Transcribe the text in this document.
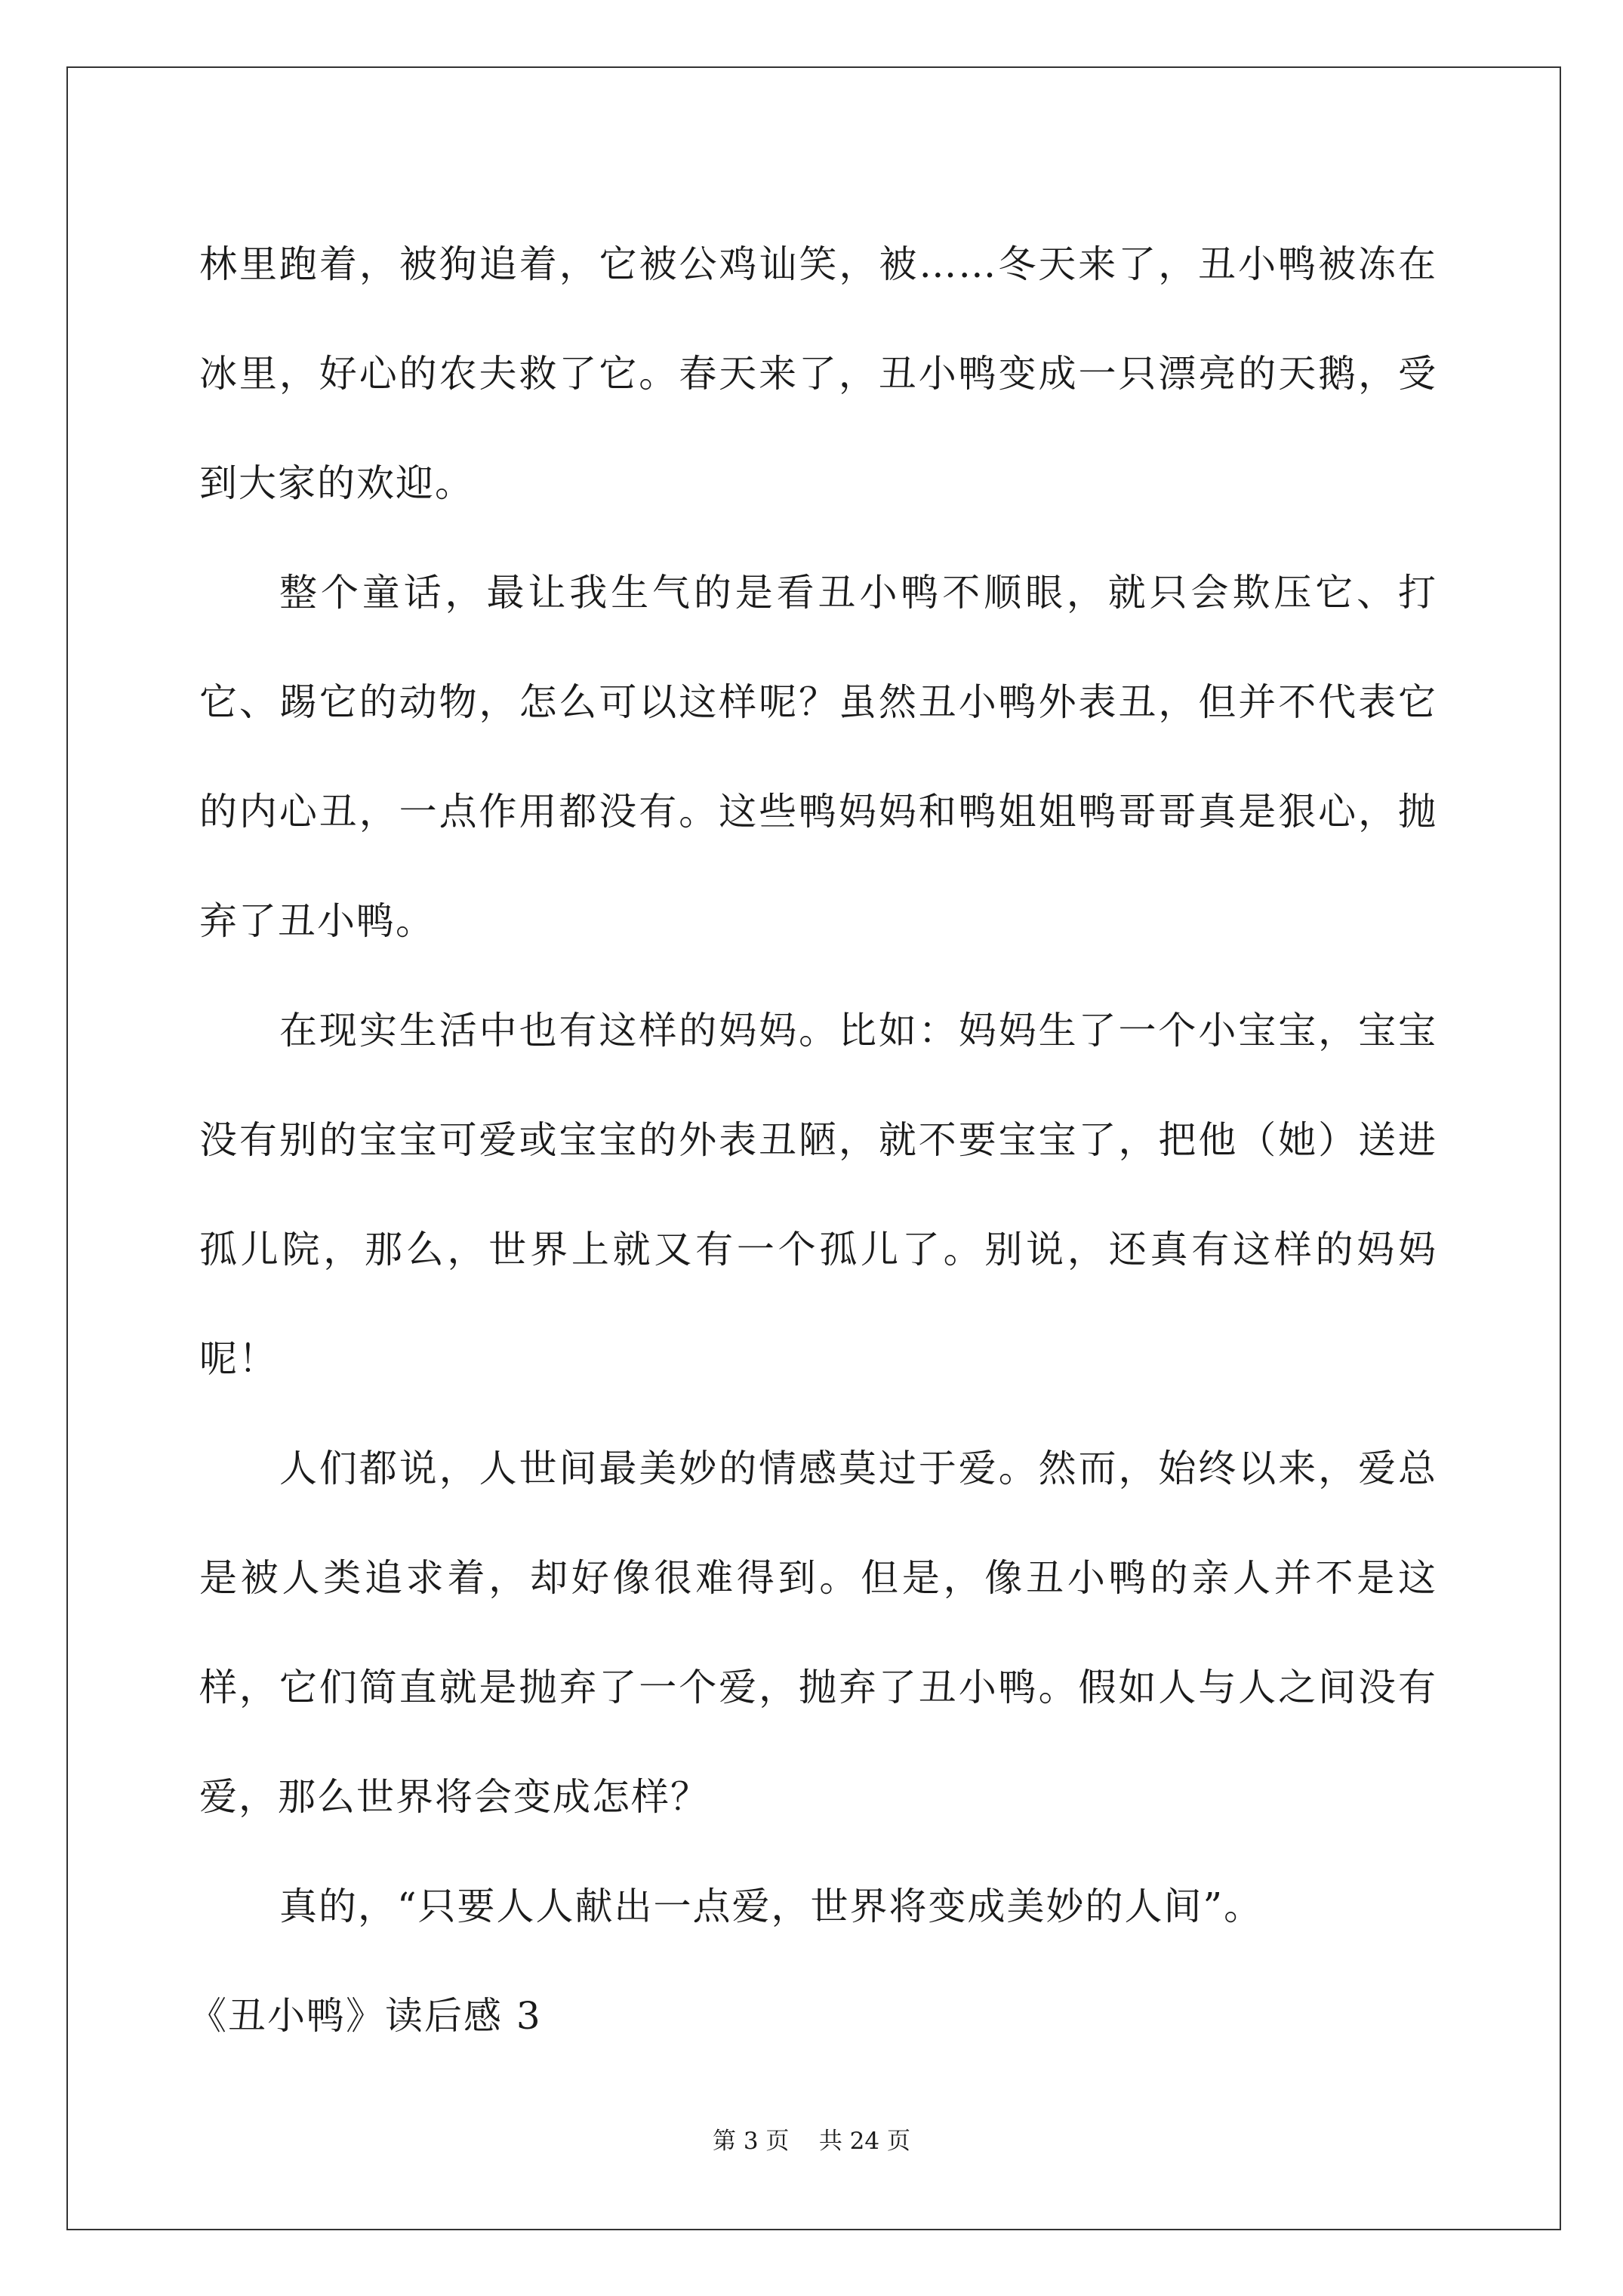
林里跑着，被狗追着，它被公鸡讪笑，被……冬天来了，丑小鸭被冻在冰里，好心的农夫救了它。春天来了，丑小鸭变成一只漂亮的天鹅，受到大家的欢迎。

整个童话，最让我生气的是看丑小鸭不顺眼，就只会欺压它、打它、踢它的动物，怎么可以这样呢？虽然丑小鸭外表丑，但并不代表它的内心丑，一点作用都没有。这些鸭妈妈和鸭姐姐鸭哥哥真是狠心，抛弃了丑小鸭。

在现实生活中也有这样的妈妈。比如：妈妈生了一个小宝宝，宝宝没有别的宝宝可爱或宝宝的外表丑陋，就不要宝宝了，把他（她）送进孤儿院，那么，世界上就又有一个孤儿了。别说，还真有这样的妈妈呢！

人们都说，人世间最美妙的情感莫过于爱。然而，始终以来，爱总是被人类追求着，却好像很难得到。但是，像丑小鸭的亲人并不是这样，它们简直就是抛弃了一个爱，抛弃了丑小鸭。假如人与人之间没有爱，那么世界将会变成怎样？

真的，“只要人人献出一点爱，世界将变成美妙的人间”。

《丑小鸭》读后感 3

第 3 页    共 24 页
